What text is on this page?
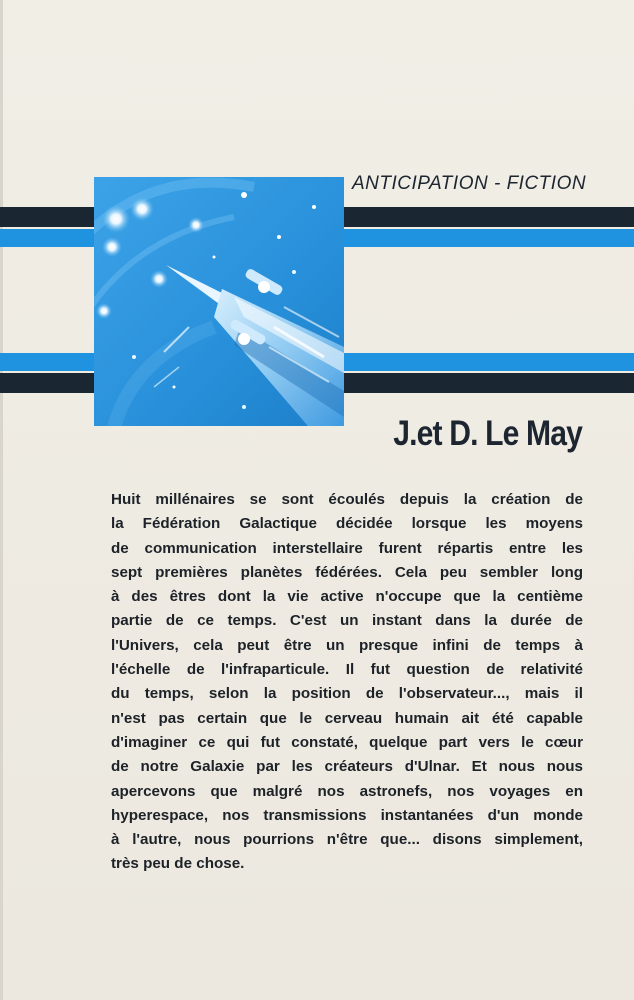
ANTICIPATION - FICTION
J.et D. Le May

Huit millénaires se sont écoulés depuis la création de
la Fédération Galactique décidée lorsque les moyens
de communication interstellaire furent répartis entre les
sept premières planètes fédérées. Cela peu sembler long
à des êtres dont la vie active n'occupe que la centième
partie de ce temps. C'est un instant dans la durée de
l'Univers, cela peut être un presque infini de temps à
l'échelle de l'infraparticule. Il fut question de relativité
du temps, selon la position de l'observateur..., mais il
n'est pas certain que le cerveau humain ait été capable
d'imaginer ce qui fut constaté, quelque part vers le cœur
de notre Galaxie par les créateurs d'Ulnar. Et nous nous
apercevons que malgré nos astronefs, nos voyages en
hyperespace, nos transmissions instantanées d'un monde
à l'autre, nous pourrions n'être que... disons simplement,
très peu de chose.
